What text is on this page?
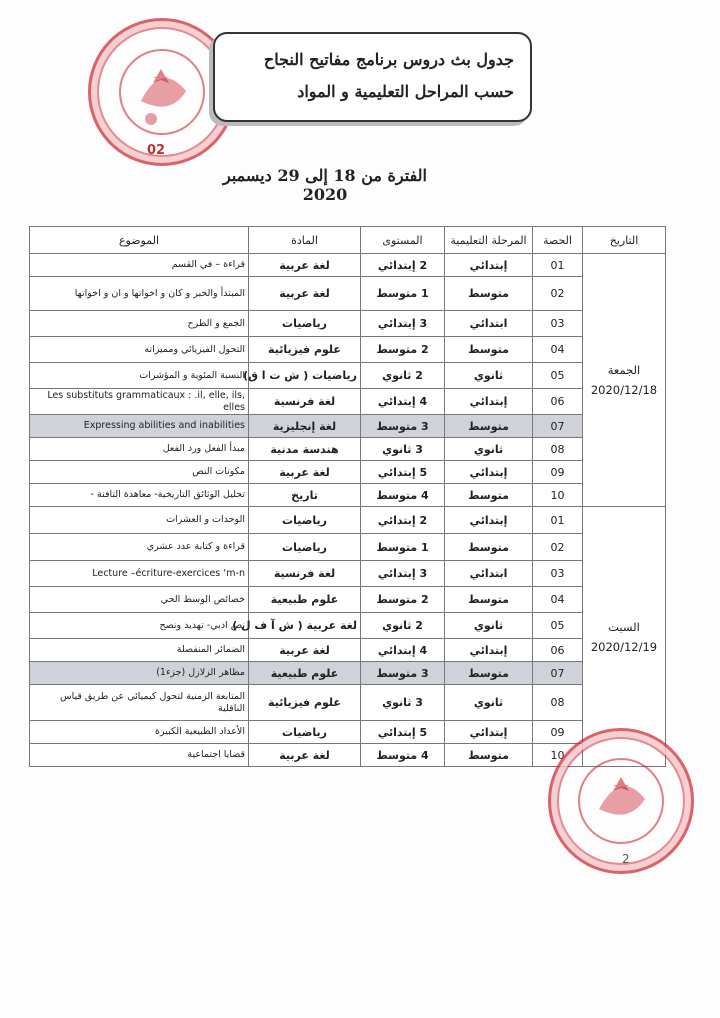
02
جدول بث دروس برنامج مفاتيح النجاح
حسب المراحل التعليمية و المواد
الفترة من 18 إلى 29 ديسمبر 2020
التاريخ	الحصة	المرحلة التعليمية	المستوى	المادة	الموضوع

الجمعة
2020/12/18	01	إبتدائي	2 إبتدائي	لغة عربية	قراءة – في القسم
	02	متوسط	1 متوسط	لغة عربية	المبتدأ والخبر و كان و اخواتها و ان و اخواتها
	03	ابتدائي	3 إبتدائي	رياضيات	الجمع و الطرح
	04	متوسط	2 متوسط	علوم فيزيائية	التحول الفيزيائي ومميزاته
	05	ثانوي	2 ثانوي	رياضيات ( ش ت ا ق)	النسبة المئوية و المؤشرات
	06	إبتدائي	4 إبتدائي	لغة فرنسية	Les substituts grammaticaux : .il, elle, ils, elles
	07	متوسط	3 متوسط	لغة إنجليزية	Expressing abilities and inabilities
	08	ثانوي	3 ثانوي	هندسة مدنية	مبدأ الفعل ورد الفعل
	09	إبتدائي	5 إبتدائي	لغة عربية	مكونات النص
	10	متوسط	4 متوسط	تاريخ	تحليل الوثائق التاريخية- معاهدة التافنة -

السبت
2020/12/19	01	إبتدائي	2 إبتدائي	رياضيات	الوحدات و العشرات
	02	متوسط	1 متوسط	رياضيات	قراءة و كتابة عدد عشري
	03	ابتدائي	3 إبتدائي	لغة فرنسية	Lecture –écriture-exercices ‘m-n
	04	متوسط	2 متوسط	علوم طبيعية	خصائص الوسط الحي
	05	ثانوي	2 ثانوي	لغة عربية ( ش آ ف ل )	نص ادبي- تهديد ونصح
	06	إبتدائي	4 إبتدائي	لغة عربية	الضمائر المنفصلة
	07	متوسط	3 متوسط	علوم طبيعية	مظاهر الزلازل (جزء1)
	08	ثانوي	3 ثانوي	علوم فيزيائية	المتابعة الزمنية لتحول كيميائي عن طريق قياس الناقلية
	09	إبتدائي	5 إبتدائي	رياضيات	الأعداد الطبيعية الكبيرة
	10	متوسط	4 متوسط	لغة عربية	قضايا اجتماعية
2
